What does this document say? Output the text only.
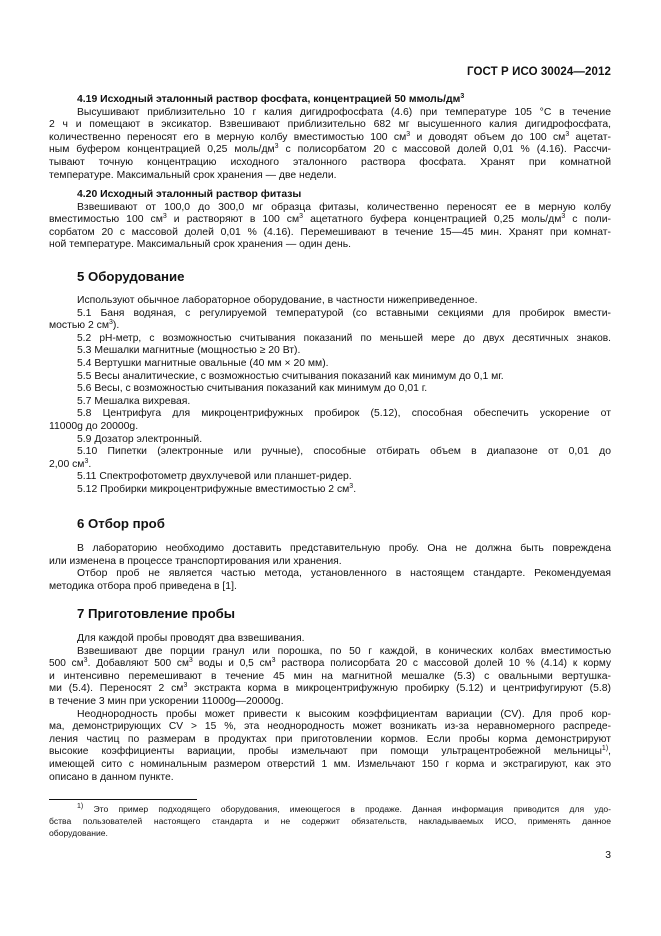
ГОСТ Р ИСО 30024—2012
4.19 Исходный эталонный раствор фосфата, концентрацией 50 ммоль/$дм^3$

Высушивают приблизительно 10 г калия дигидрофосфата (4.6) при температуре 105 °С в течение
2 ч и помещают в эксикатор. Взвешивают приблизительно 682 мг высушенного калия дигидрофосфата,
количественно переносят его в мерную колбу вместимостью 100 $см^3$ и доводят объем до 100 $см^3$ ацетат-
ным буфером концентрацией 0,25 моль/$дм^3$ с полисорбатом 20 с массовой долей 0,01 % (4.16). Рассчи-
тывают точную концентрацию исходного эталонного раствора фосфата. Хранят при комнатной
температуре. Максимальный срок хранения — две недели.

4.20 Исходный эталонный раствор фитазы

Взвешивают от 100,0 до 300,0 мг образца фитазы, количественно переносят ее в мерную колбу
вместимостью 100 $см^3$ и растворяют в 100 $см^3$ ацетатного буфера концентрацией 0,25 моль/$дм^3$ с поли-
сорбатом 20 с массовой долей 0,01 % (4.16). Перемешивают в течение 15—45 мин. Хранят при комнат-
ной температуре. Максимальный срок хранения — один день.

5 Оборудование

Используют обычное лабораторное оборудование, в частности нижеприведенное.
5.1 Баня водяная, с регулируемой температурой (со вставными секциями для пробирок вмести-
мостью 2 $см^3$).
5.2 pH-метр, с возможностью считывания показаний по меньшей мере до двух десятичных знаков.
5.3 Мешалки магнитные (мощностью ≥ 20 Вт).
5.4 Вертушки магнитные овальные (40 мм × 20 мм).
5.5 Весы аналитические, с возможностью считывания показаний как минимум до 0,1 мг.
5.6 Весы, с возможностью считывания показаний как минимум до 0,01 г.
5.7 Мешалка вихревая.
5.8 Центрифуга для микроцентрифужных пробирок (5.12), способная обеспечить ускорение от
11000g до 20000g.
5.9 Дозатор электронный.
5.10 Пипетки (электронные или ручные), способные отбирать объем в диапазоне от 0,01 до
2,00 $см^3$.
5.11 Спектрофотометр двухлучевой или планшет-ридер.
5.12 Пробирки микроцентрифужные вместимостью 2 $см^3$.

6 Отбор проб

В лабораторию необходимо доставить представительную пробу. Она не должна быть повреждена
или изменена в процессе транспортирования или хранения.
Отбор проб не является частью метода, установленного в настоящем стандарте. Рекомендуемая
методика отбора проб приведена в [1].

7 Приготовление пробы

Для каждой пробы проводят два взвешивания.
Взвешивают две порции гранул или порошка, по 50 г каждой, в конических колбах вместимостью
500 $см^3$. Добавляют 500 $см^3$ воды и 0,5 $см^3$ раствора полисорбата 20 с массовой долей 10 % (4.14) к корму
и интенсивно перемешивают в течение 45 мин на магнитной мешалке (5.3) с овальными вертушка-
ми (5.4). Переносят 2 $см^3$ экстракта корма в микроцентрифужную пробирку (5.12) и центрифугируют (5.8)
в течение 3 мин при ускорении 11000g—20000g.
Неоднородность пробы может привести к высоким коэффициентам вариации (CV). Для проб кор-
ма, демонстрирующих CV > 15 %, эта неоднородность может возникать из-за неравномерного распреде-
ления частиц по размерам в продуктах при приготовлении кормов. Если пробы корма демонстрируют
высокие коэффициенты вариации, пробы измельчают при помощи ультрацентробежной мельницы$^{1)}$,
имеющей сито с номинальным размером отверстий 1 мм. Измельчают 150 г корма и экстрагируют, как это
описано в данном пункте.

$^{1)}$ Это пример подходящего оборудования, имеющегося в продаже. Данная информация приводится для удо-
бства пользователей настоящего стандарта и не содержит обязательств, накладываемых ИСО, применять данное
оборудование.

3
